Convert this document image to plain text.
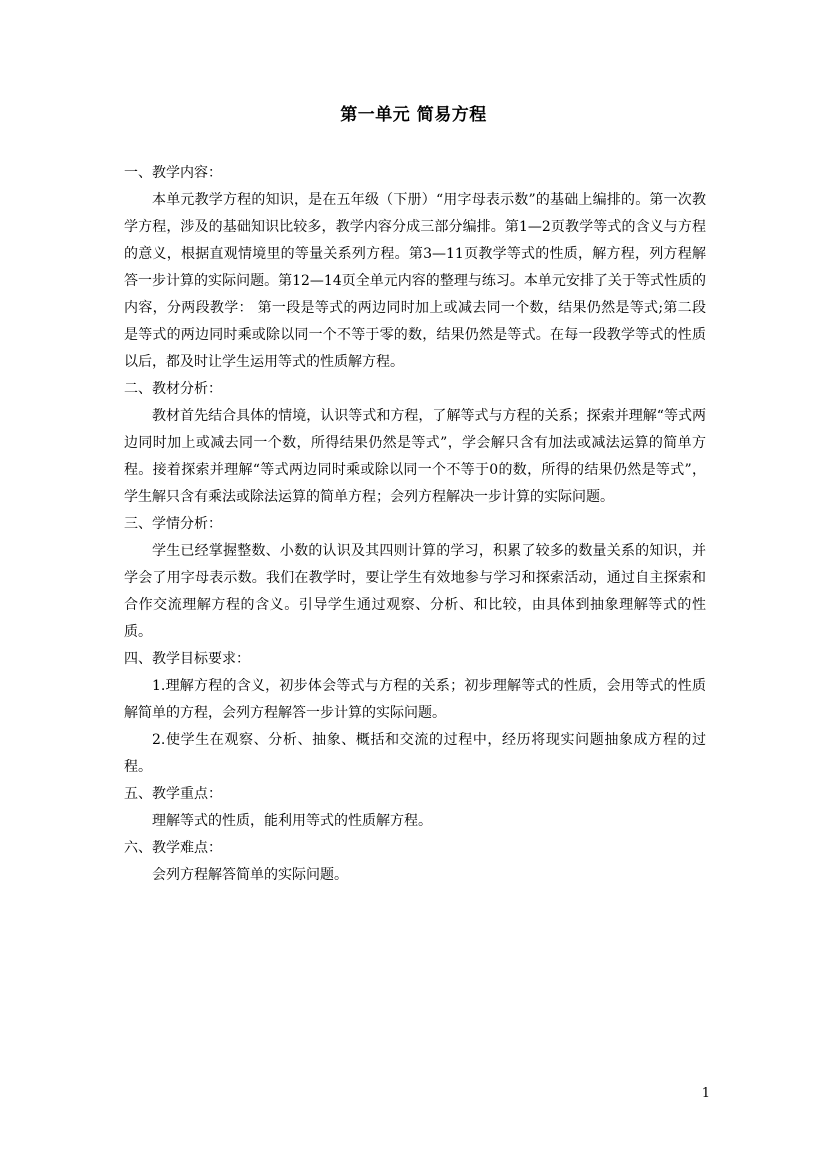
第一单元 简易方程

一、教学内容：

本单元教学方程的知识，是在五年级（下册）“用字母表示数”的基础上编排的。第一次教学方程，涉及的基础知识比较多，教学内容分成三部分编排。第1—2页教学等式的含义与方程的意义，根据直观情境里的等量关系列方程。第3—11页教学等式的性质，解方程，列方程解答一步计算的实际问题。第12—14页全单元内容的整理与练习。本单元安排了关于等式性质的内容，分两段教学： 第一段是等式的两边同时加上或减去同一个数，结果仍然是等式;第二段是等式的两边同时乘或除以同一个不等于零的数，结果仍然是等式。在每一段教学等式的性质以后，都及时让学生运用等式的性质解方程。

二、教材分析：

教材首先结合具体的情境，认识等式和方程，了解等式与方程的关系；探索并理解“等式两边同时加上或减去同一个数，所得结果仍然是等式”，学会解只含有加法或减法运算的简单方程。接着探索并理解“等式两边同时乘或除以同一个不等于0的数，所得的结果仍然是等式”，学生解只含有乘法或除法运算的简单方程；会列方程解决一步计算的实际问题。

三、学情分析：

学生已经掌握整数、小数的认识及其四则计算的学习，积累了较多的数量关系的知识，并学会了用字母表示数。我们在教学时，要让学生有效地参与学习和探索活动，通过自主探索和合作交流理解方程的含义。引导学生通过观察、分析、和比较，由具体到抽象理解等式的性质。

四、教学目标要求：

1.理解方程的含义，初步体会等式与方程的关系；初步理解等式的性质，会用等式的性质解简单的方程，会列方程解答一步计算的实际问题。

2.使学生在观察、分析、抽象、概括和交流的过程中，经历将现实问题抽象成方程的过程。

五、教学重点：

理解等式的性质，能利用等式的性质解方程。

六、教学难点：

会列方程解答简单的实际问题。

1
